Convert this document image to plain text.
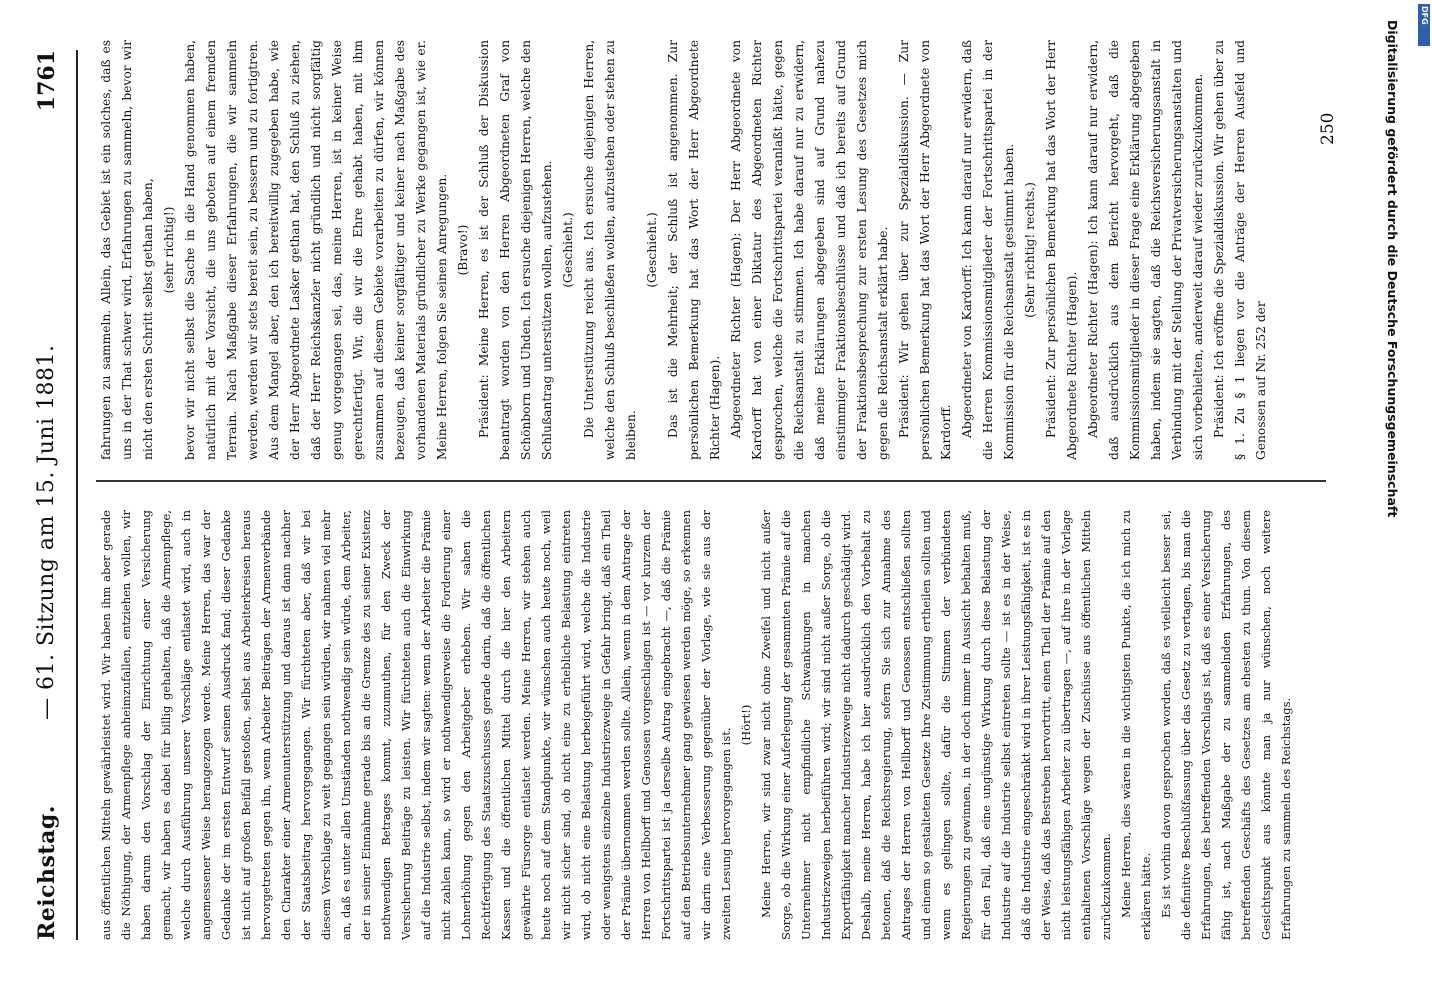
Reichstag.
— 61. Sitzung am 15. Juni 1881.
1761

aus öffentlichen Mitteln gewährleistet wird. Wir haben ihm aber gerade die Nöthigung, der Armenpflege anheimzufallen, entziehen wollen, wir haben darum den Vorschlag der Einrichtung einer Versicherung gemacht, wir haben es dabei für billig gehalten, daß die Armenpflege, welche durch Ausführung unserer Vorschläge entlastet wird, auch in angemessener Weise herangezogen werde. Meine Herren, das war der Gedanke der im ersten Entwurf seinen Ausdruck fand; dieser Gedanke ist nicht auf großen Beifall gestoßen, selbst aus Arbeiterkreisen heraus hervorgetreten gegen ihn, wenn Arbeiter Beiträgen der Armenverbände den Charakter einer Armenunterstützung und daraus ist dann nachher der Staatsbeitrag hervorgegangen. Wir fürchteten aber, daß wir bei diesem Vorschlage zu weit gegangen sein würden, wir nahmen viel mehr an, daß es unter allen Umständen nothwendig sein würde, dem Arbeiter, der in seiner Einnahme gerade bis an die Grenze des zu seiner Existenz nothwendigen Betrages kommt, zuzumuthen, für den Zweck der Versicherung Beiträge zu leisten. Wir fürchteten auch die Einwirkung auf die Industrie selbst, indem wir sagten: wenn der Arbeiter die Prämie nicht zahlen kann, so wird er nothwendigerweise die Forderung einer Lohnerhöhung gegen den Arbeitgeber erheben. Wir sahen die Rechtfertigung des Staatszuschusses gerade darin, daß die öffentlichen Kassen und die öffentlichen Mittel durch die hier den Arbeitern gewährte Fürsorge entlastet werden. Meine Herren, wir stehen auch heute noch auf dem Standpunkte, wir wünschen auch heute noch, weil wir nicht sicher sind, ob nicht eine zu erhebliche Belastung eintreten wird, ob nicht eine Belastung herbeigeführt wird, welche die Industrie oder wenigstens einzelne Industriezweige in Gefahr bringt, daß ein Theil der Prämie übernommen werden sollte. Allein, wenn in dem Antrage der Herren von Hellborff und Genossen vorgeschlagen ist — vor kurzem der Fortschrittspartei ist ja derselbe Antrag eingebracht —, daß die Prämie auf den Betriebsunternehmer gang gewiesen werden möge, so erkennen wir darin eine Verbesserung gegenüber der Vorlage, wie sie aus der zweiten Lesung hervorgegangen ist.

(Hört!) Meine Herren, wir sind zwar nicht ohne Zweifel und nicht außer Sorge, ob die Wirkung einer Auferlegung der gesammten Prämie auf die Unternehmer nicht empfindliche Schwankungen in manchen Industriezweigen herbeiführen wird; wir sind nicht außer Sorge, ob die Exportfähigkeit mancher Industriezweige nicht dadurch geschädigt wird. Deshalb, meine Herren, habe ich hier ausdrücklich den Vorbehalt zu betonen, daß die Reichsregierung, sofern Sie sich zur Annahme des Antrages der Herren von Hellborff und Genossen entschließen sollten und einem so gestalteten Gesetze Ihre Zustimmung ertheilen sollten und wenn es gelingen sollte, dafür die Stimmen der verbündeten Regierungen zu gewinnen, in der doch immer in Aussicht behalten muß, für den Fall, daß eine ungünstige Wirkung durch diese Belastung der Industrie auf die Industrie selbst eintreten sollte — ist es in der Weise, daß die Industrie eingeschränkt wird in ihrer Leistungsfähigkeit, ist es in der Weise, daß das Bestreben hervortritt, einen Theil der Prämie auf den nicht leistungsfähigen Arbeiter zu übertragen —, auf ihre in der Vorlage enthaltenen Vorschläge wegen der Zuschüsse aus öffentlichen Mitteln zurückzukommen. Meine Herren, dies wären in die wichtigsten Punkte, die ich mich zu erklären hätte. Es ist vorhin davon gesprochen worden, daß es vielleicht besser sei, die definitive Beschlußfassung über das Gesetz zu vertagen, bis man die Erfahrungen, des betreffenden Vorschlags ist, daß es einer Versicherung fähig ist, nach Maßgabe der zu sammelnden Erfahrungen, des betreffenden Geschäfts des Gesetzes am ehesten zu thun. Von diesem Gesichtspunkt aus könnte man ja nur wünschen, noch weitere Erfahrungen zu sammeln des Reichstags.

fahrungen zu sammeln. Allein, das Gebiet ist ein solches, daß es uns in der That schwer wird, Erfahrungen zu sammeln, bevor wir nicht den ersten Schritt selbst gethan haben, (sehr richtig!) bevor wir nicht selbst die Sache in die Hand genommen haben, natürlich mit der Vorsicht, die uns geboten auf einem fremden Terrain. Nach Maßgabe dieser Erfahrungen, die wir sammeln werden, werden wir stets bereit sein, zu bessern und zu fortigtren. Aus dem Mangel aber, den ich bereitwillig zugegeben habe, wie der Herr Abgeordnete Lasker gethan hat, den Schluß zu ziehen, daß der Herr Reichskanzler nicht gründlich und nicht sorgfältig genug vorgegangen sei, das, meine Herren, ist in keiner Weise gerechtfertigt. Wir, die wir die Ehre gehabt haben, mit ihm zusammen auf diesem Gebiete vorarbeiten zu dürfen, wir können bezeugen, daß keiner sorgfältiger und keiner nach Maßgabe des vorhandenen Materials gründlicher zu Werke gegangen ist, wie er. Meine Herren, folgen Sie seinen Anregungen. (Bravo!) Präsident: Meine Herren, es ist der Schluß der Diskussion beantragt worden von den Herren Abgeordneten Graf von Schönborn und Uhden. Ich ersuche diejenigen Herren, welche den Schlußantrag unterstützen wollen, aufzustehen. (Geschieht.) Die Unterstützung reicht aus. Ich ersuche diejenigen Herren, welche den Schluß beschließen wollen, aufzustehen oder stehen zu bleiben.

(Geschieht.) Das ist die Mehrheit; der Schluß ist angenommen. Zur persönlichen Bemerkung hat das Wort der Herr Abgeordnete Richter (Hagen). Abgeordneter Richter (Hagen): Der Herr Abgeordnete von Kardorff hat von einer Diktatur des Abgeordneten Richter gesprochen, welche die Fortschrittspartei veranlaßt hätte, gegen die Reichsanstalt zu stimmen. Ich habe darauf nur zu erwidern, daß meine Erklärungen abgegeben sind auf Grund nahezu einstimmiger Fraktionsbeschlüsse und daß ich bereits auf Grund der Fraktionsbesprechung zur ersten Lesung des Gesetzes mich gegen die Reichsanstalt erklärt habe. Präsident: Wir gehen über zur Spezialdiskussion. — Zur persönlichen Bemerkung hat das Wort der Herr Abgeordnete von Kardorff. Abgeordneter von Kardorff: Ich kann darauf nur erwidern, daß die Herren Kommissionsmitglieder der Fortschrittspartei in der Kommission für die Reichsanstalt gestimmt haben. (Sehr richtig! rechts.) Präsident: Zur persönlichen Bemerkung hat das Wort der Herr Abgeordnete Richter (Hagen). Abgeordneter Richter (Hagen): Ich kann darauf nur erwidern, daß ausdrücklich aus dem Bericht hervorgeht, daß die Kommissionsmitglieder in dieser Frage eine Erklärung abgegeben haben, indem sie sagten, daß die Reichsversicherungsanstalt in Verbindung mit der Stellung der Privatversicherungsanstalten und sich vorbehielten, anderweit darauf wieder zurückzukommen. Präsident: Ich eröffne die Spezialdiskussion. Wir gehen über zu § 1. Zu § 1 liegen vor die Anträge der Herren Ausfeld und Genossen auf Nr. 252 der

250	Digitalisierung gefördert durch die Deutsche Forschungsgemeinschaft
DFG
